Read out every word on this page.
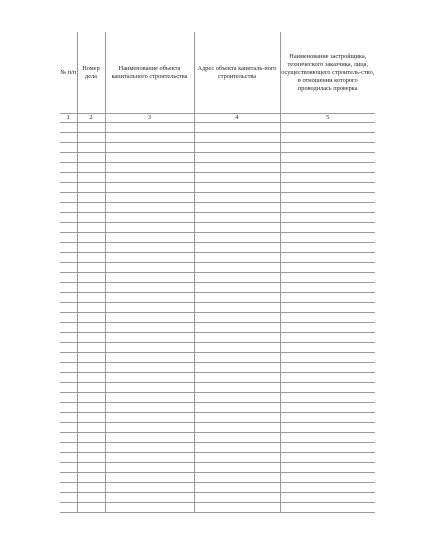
№ п/п	Номер дела	Наименование объекта капитального строительства	Адрес объекта капиталь-ного строительства	Наименование застройщика, технического заказчика, лица, осуществляющего строитель-ство, в отношении которого проводилась проверка
1	2	3	4	5
